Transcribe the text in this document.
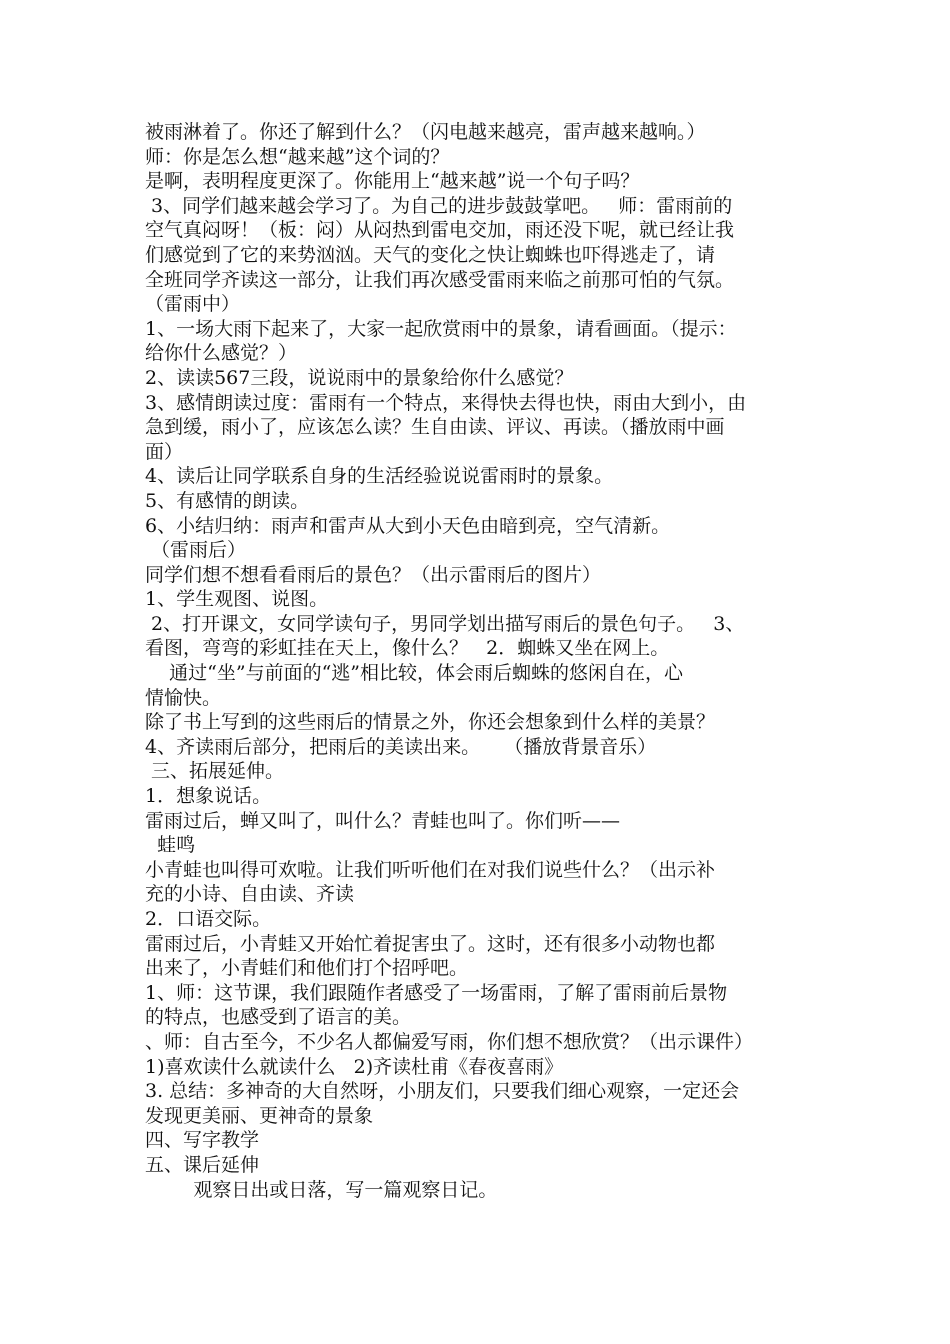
被雨淋着了。你还了解到什么？（闪电越来越亮，雷声越来越响。）

师：你是怎么想“越来越”这个词的？

是啊，表明程度更深了。你能用上“越来越”说一个句子吗？

3、同学们越来越会学习了。为自己的进步鼓鼓掌吧。   师：雷雨前的

空气真闷呀！（板：闷）从闷热到雷电交加，雨还没下呢，就已经让我

们感觉到了它的来势汹汹。天气的变化之快让蜘蛛也吓得逃走了，请

全班同学齐读这一部分，让我们再次感受雷雨来临之前那可怕的气氛。

（雷雨中）

1、一场大雨下起来了，大家一起欣赏雨中的景象，请看画面。（提示：

给你什么感觉？）

2、读读567三段，说说雨中的景象给你什么感觉？

3、感情朗读过度：雷雨有一个特点，来得快去得也快，雨由大到小，由

急到缓，雨小了，应该怎么读？生自由读、评议、再读。（播放雨中画

面）

4、读后让同学联系自身的生活经验说说雷雨时的景象。

5、有感情的朗读。

6、小结归纳：雨声和雷声从大到小天色由暗到亮，空气清新。

（雷雨后）

同学们想不想看看雨后的景色？（出示雷雨后的图片）

1、学生观图、说图。

2、打开课文，女同学读句子，男同学划出描写雨后的景色句子。   3、

看图，弯弯的彩虹挂在天上，像什么？   2．蜘蛛又坐在网上。

通过“坐”与前面的“逃”相比较，体会雨后蜘蛛的悠闲自在，心

情愉快。

除了书上写到的这些雨后的情景之外，你还会想象到什么样的美景？

4、齐读雨后部分，把雨后的美读出来。    （播放背景音乐）

三、拓展延伸。

1．想象说话。

雷雨过后，蝉又叫了，叫什么？青蛙也叫了。你们听——

蛙鸣

小青蛙也叫得可欢啦。让我们听听他们在对我们说些什么？（出示补

充的小诗、自由读、齐读

2．口语交际。

雷雨过后，小青蛙又开始忙着捉害虫了。这时，还有很多小动物也都

出来了，小青蛙们和他们打个招呼吧。

1、师：这节课，我们跟随作者感受了一场雷雨，了解了雷雨前后景物

的特点，也感受到了语言的美。

、师：自古至今，不少名人都偏爱写雨，你们想不想欣赏？（出示课件）

1)喜欢读什么就读什么   2)齐读杜甫《春夜喜雨》

3. 总结：多神奇的大自然呀，小朋友们，只要我们细心观察，一定还会

发现更美丽、更神奇的景象

四、写字教学

五、课后延伸

观察日出或日落，写一篇观察日记。
